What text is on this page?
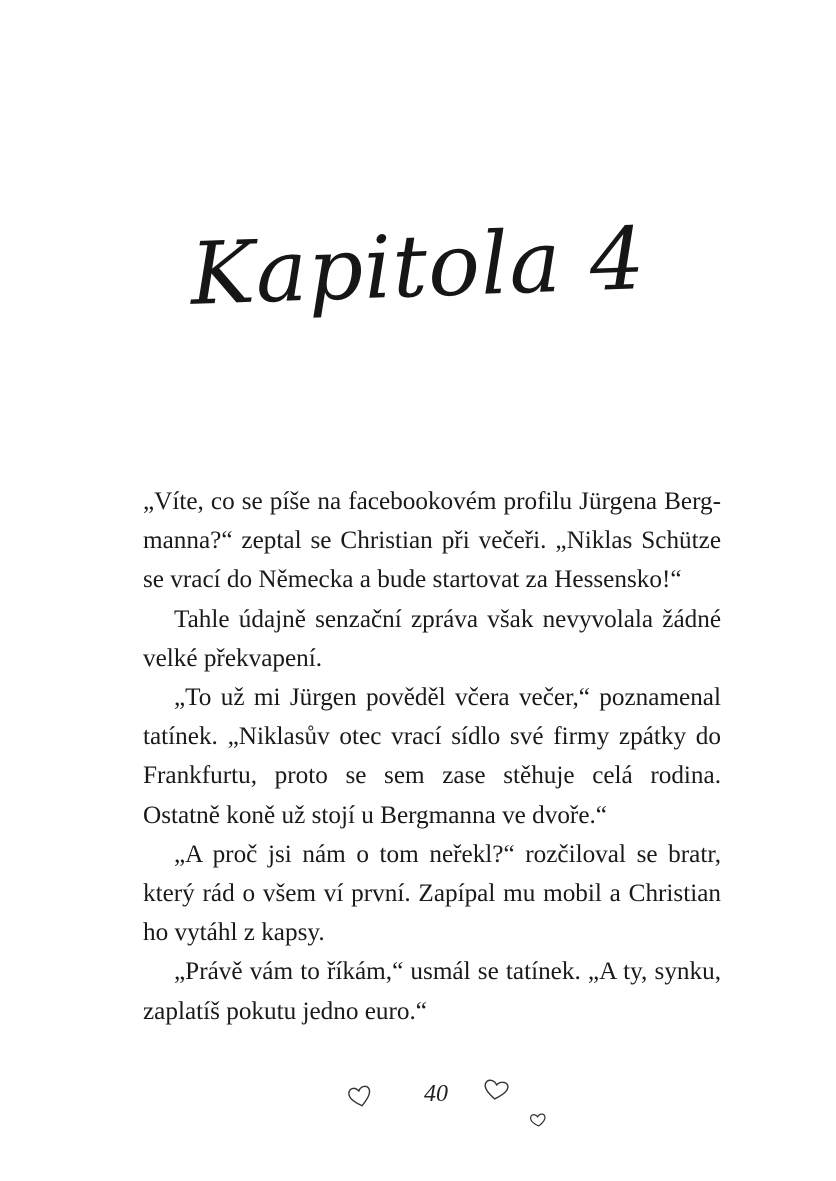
Kapitola 4

„Víte, co se píše na facebookovém profilu Jürgena Bergmanna?“ zeptal se Christian při večeři. „Niklas Schütze se vrací do Německa a bude startovat za Hessensko!“

Tahle údajně senzační zpráva však nevyvolala žádné velké překvapení.

„To už mi Jürgen pověděl včera večer,“ poznamenal tatínek. „Niklasův otec vrací sídlo své firmy zpátky do Frankfurtu, proto se sem zase stěhuje celá rodina. Ostatně koně už stojí u Bergmanna ve dvoře.“

„A proč jsi nám o tom neřekl?“ rozčiloval se bratr, který rád o všem ví první. Zapípal mu mobil a Christian ho vytáhl z kapsy.

„Právě vám to říkám,“ usmál se tatínek. „A ty, synku, zaplatíš pokutu jedno euro.“

40
